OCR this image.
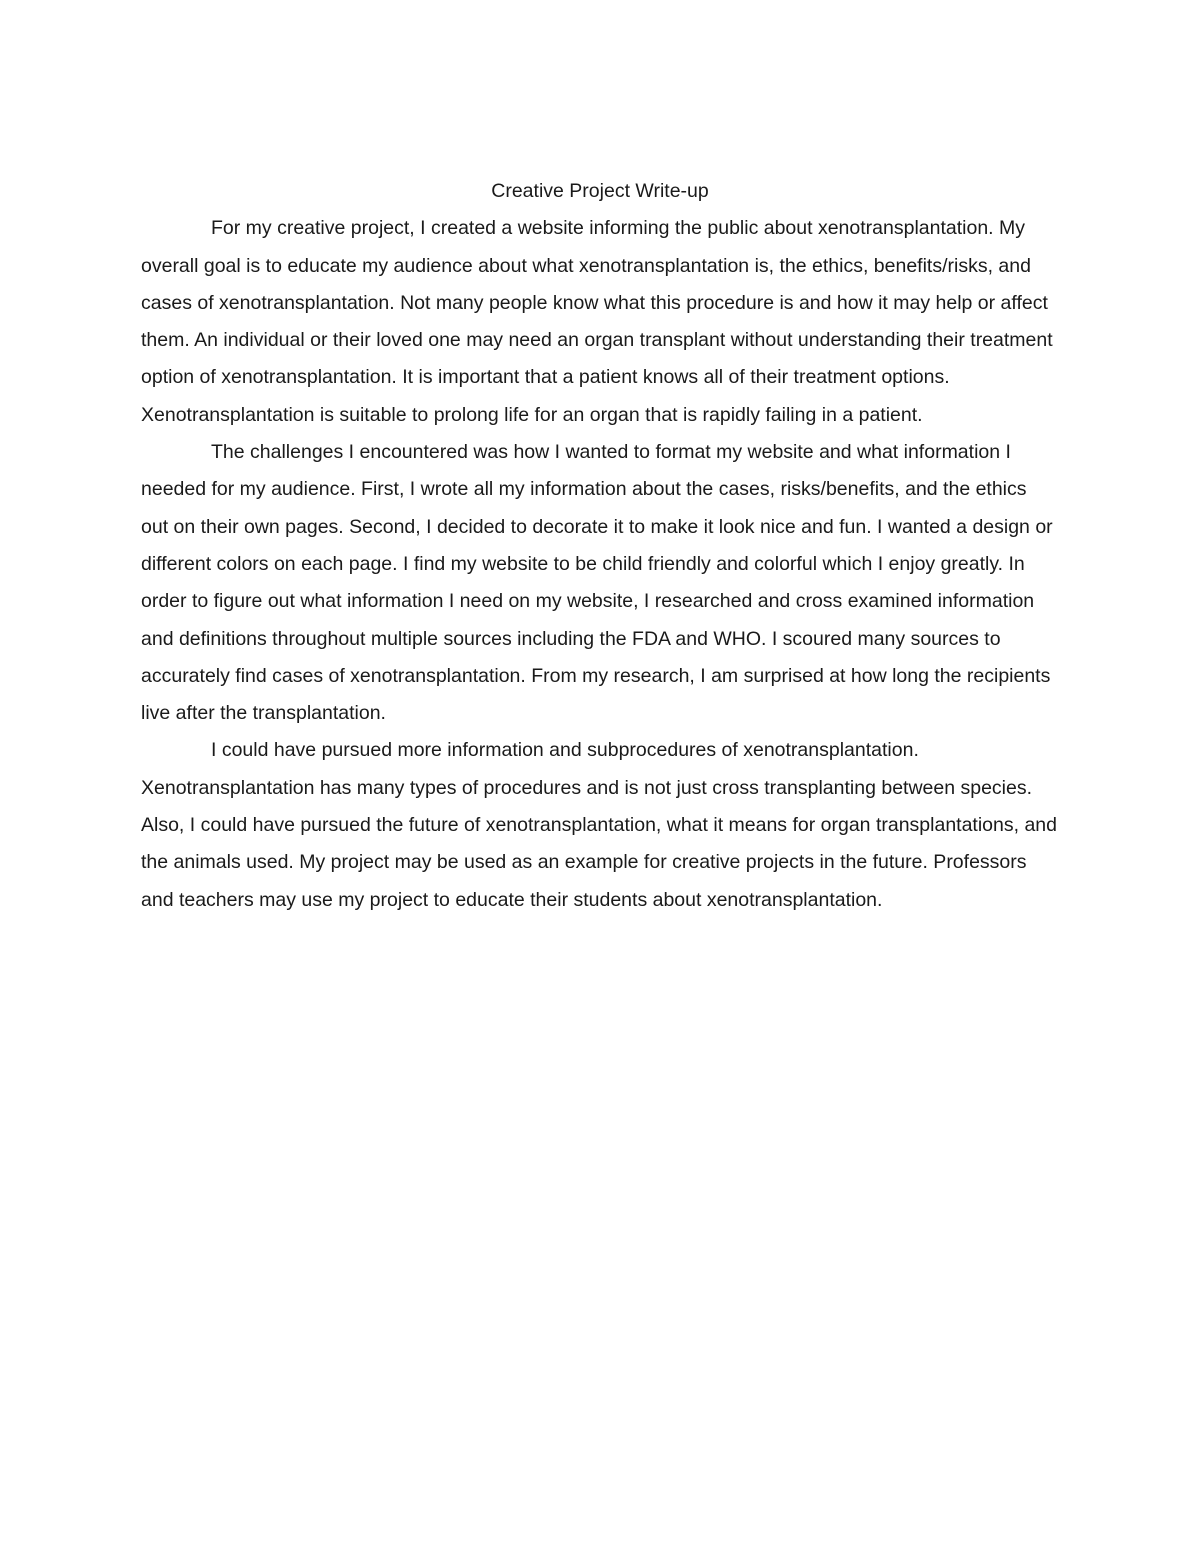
Creative Project Write-up

For my creative project, I created a website informing the public about xenotransplantation. My overall goal is to educate my audience about what xenotransplantation is, the ethics, benefits/risks, and cases of xenotransplantation. Not many people know what this procedure is and how it may help or affect them. An individual or their loved one may need an organ transplant without understanding their treatment option of xenotransplantation. It is important that a patient knows all of their treatment options. Xenotransplantation is suitable to prolong life for an organ that is rapidly failing in a patient.

The challenges I encountered was how I wanted to format my website and what information I needed for my audience. First, I wrote all my information about the cases, risks/benefits, and the ethics out on their own pages. Second, I decided to decorate it to make it look nice and fun. I wanted a design or different colors on each page. I find my website to be child friendly and colorful which I enjoy greatly. In order to figure out what information I need on my website, I researched and cross examined information and definitions throughout multiple sources including the FDA and WHO. I scoured many sources to accurately find cases of xenotransplantation. From my research, I am surprised at how long the recipients live after the transplantation.

I could have pursued more information and subprocedures of xenotransplantation. Xenotransplantation has many types of procedures and is not just cross transplanting between species. Also, I could have pursued the future of xenotransplantation, what it means for organ transplantations, and the animals used. My project may be used as an example for creative projects in the future. Professors and teachers may use my project to educate their students about xenotransplantation.
